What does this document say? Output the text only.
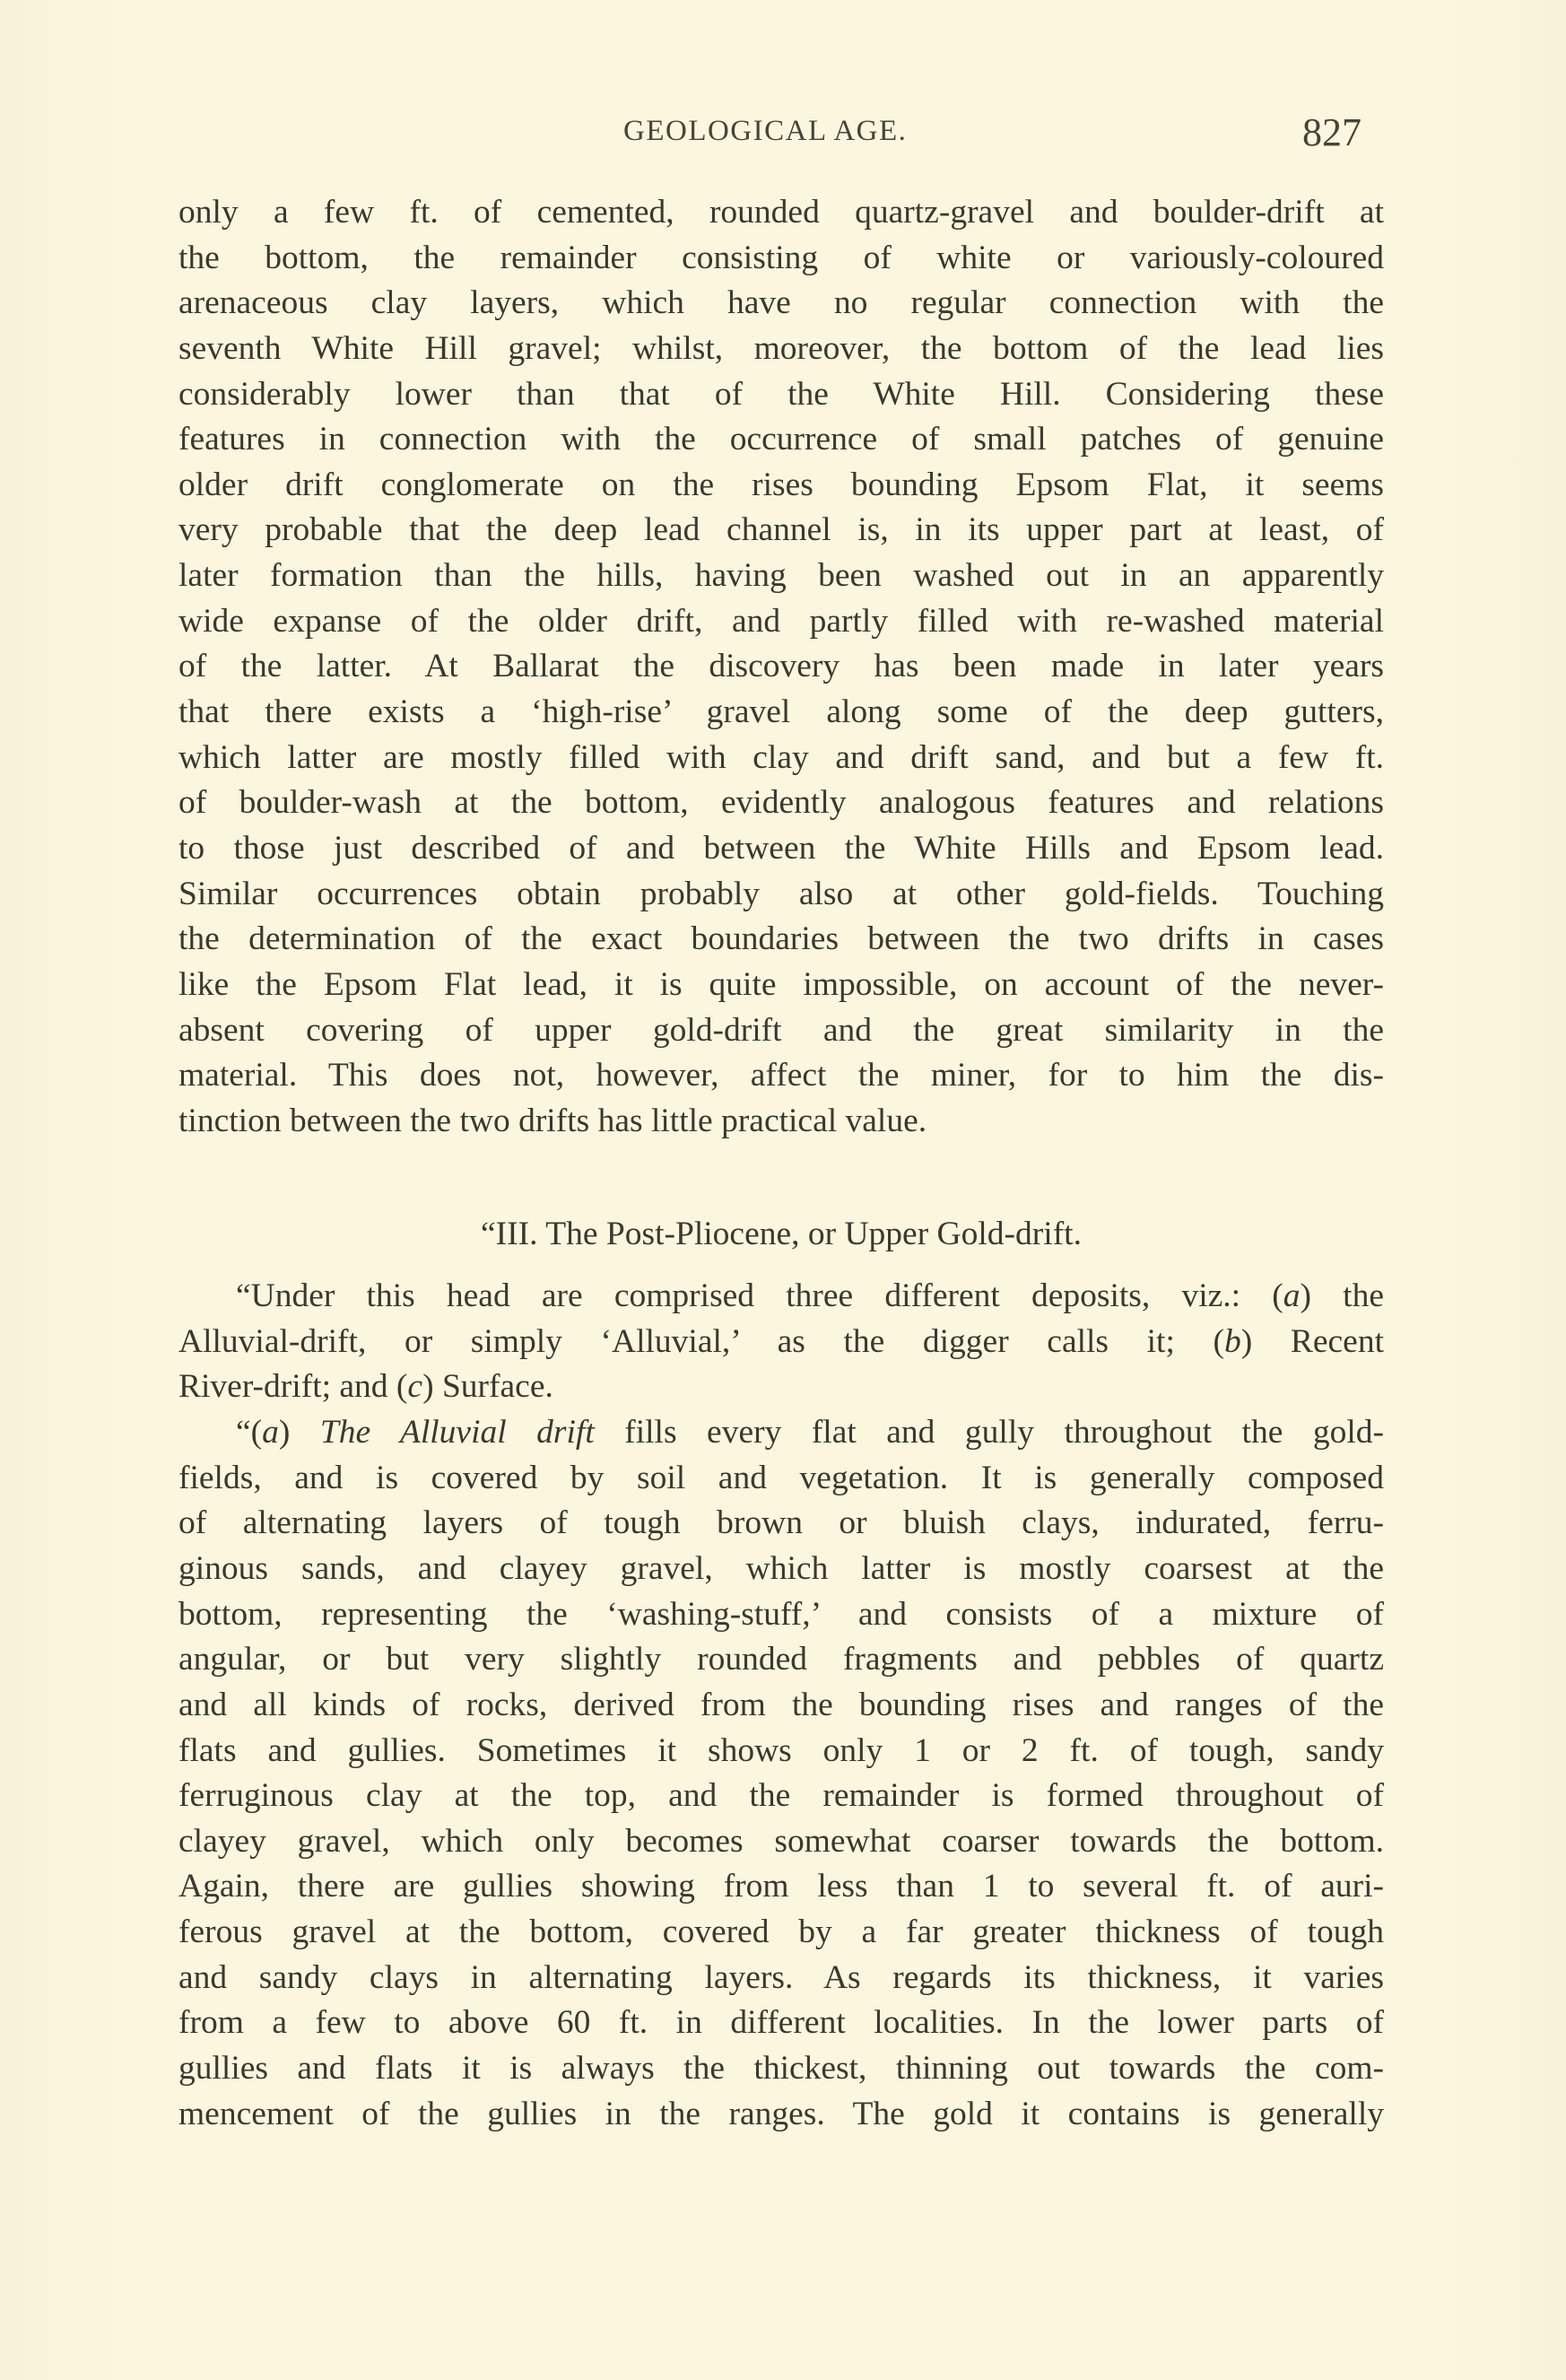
GEOLOGICAL AGE.	827
only a few ft. of cemented, rounded quartz-gravel and boulder-drift at
the bottom, the remainder consisting of white or variously-coloured
arenaceous clay layers, which have no regular connection with the
seventh White Hill gravel; whilst, moreover, the bottom of the lead lies
considerably lower than that of the White Hill. Considering these
features in connection with the occurrence of small patches of genuine
older drift conglomerate on the rises bounding Epsom Flat, it seems
very probable that the deep lead channel is, in its upper part at least, of
later formation than the hills, having been washed out in an apparently
wide expanse of the older drift, and partly filled with re-washed material
of the latter. At Ballarat the discovery has been made in later years
that there exists a ‘high-rise’ gravel along some of the deep gutters,
which latter are mostly filled with clay and drift sand, and but a few ft.
of boulder-wash at the bottom, evidently analogous features and relations
to those just described of and between the White Hills and Epsom lead.
Similar occurrences obtain probably also at other gold-fields. Touching
the determination of the exact boundaries between the two drifts in cases
like the Epsom Flat lead, it is quite impossible, on account of the never-
absent covering of upper gold-drift and the great similarity in the
material. This does not, however, affect the miner, for to him the dis-
tinction between the two drifts has little practical value.
“III. The Post-Pliocene, or Upper Gold-drift.
“Under this head are comprised three different deposits, viz.: (a) the
Alluvial-drift, or simply ‘Alluvial,’ as the digger calls it; (b) Recent
River-drift; and (c) Surface.
“(a) The Alluvial drift fills every flat and gully throughout the gold-
fields, and is covered by soil and vegetation. It is generally composed
of alternating layers of tough brown or bluish clays, indurated, ferru-
ginous sands, and clayey gravel, which latter is mostly coarsest at the
bottom, representing the ‘washing-stuff,’ and consists of a mixture of
angular, or but very slightly rounded fragments and pebbles of quartz
and all kinds of rocks, derived from the bounding rises and ranges of the
flats and gullies. Sometimes it shows only 1 or 2 ft. of tough, sandy
ferruginous clay at the top, and the remainder is formed throughout of
clayey gravel, which only becomes somewhat coarser towards the bottom.
Again, there are gullies showing from less than 1 to several ft. of auri-
ferous gravel at the bottom, covered by a far greater thickness of tough
and sandy clays in alternating layers. As regards its thickness, it varies
from a few to above 60 ft. in different localities. In the lower parts of
gullies and flats it is always the thickest, thinning out towards the com-
mencement of the gullies in the ranges. The gold it contains is generally
